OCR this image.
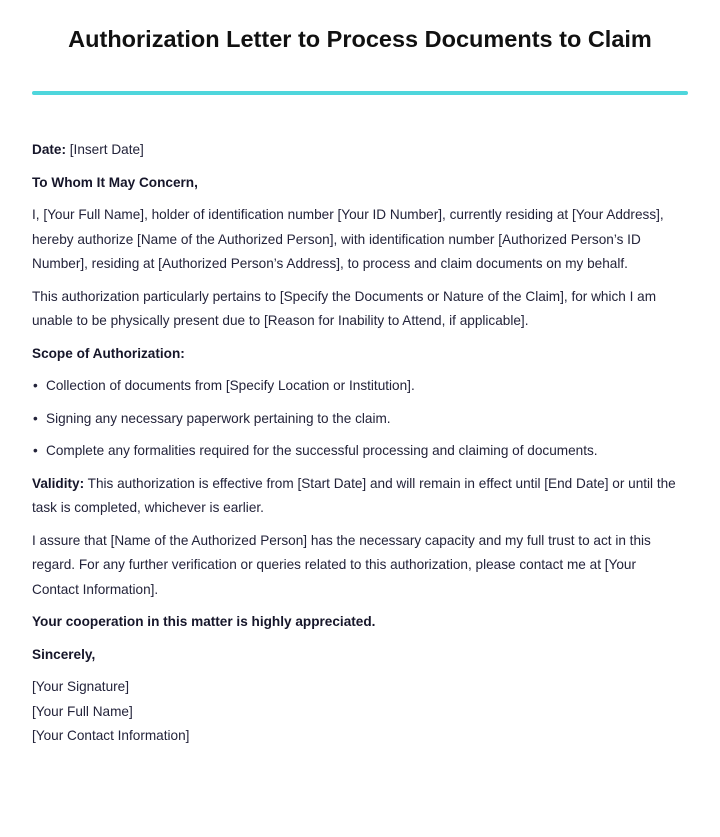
Authorization Letter to Process Documents to Claim

Date: [Insert Date]

To Whom It May Concern,

I, [Your Full Name], holder of identification number [Your ID Number], currently residing at [Your Address], hereby authorize [Name of the Authorized Person], with identification number [Authorized Person’s ID Number], residing at [Authorized Person’s Address], to process and claim documents on my behalf.

This authorization particularly pertains to [Specify the Documents or Nature of the Claim], for which I am unable to be physically present due to [Reason for Inability to Attend, if applicable].

Scope of Authorization:

• Collection of documents from [Specify Location or Institution].
• Signing any necessary paperwork pertaining to the claim.
• Complete any formalities required for the successful processing and claiming of documents.

Validity: This authorization is effective from [Start Date] and will remain in effect until [End Date] or until the task is completed, whichever is earlier.

I assure that [Name of the Authorized Person] has the necessary capacity and my full trust to act in this regard. For any further verification or queries related to this authorization, please contact me at [Your Contact Information].

Your cooperation in this matter is highly appreciated.

Sincerely,

[Your Signature]

[Your Full Name]

[Your Contact Information]
